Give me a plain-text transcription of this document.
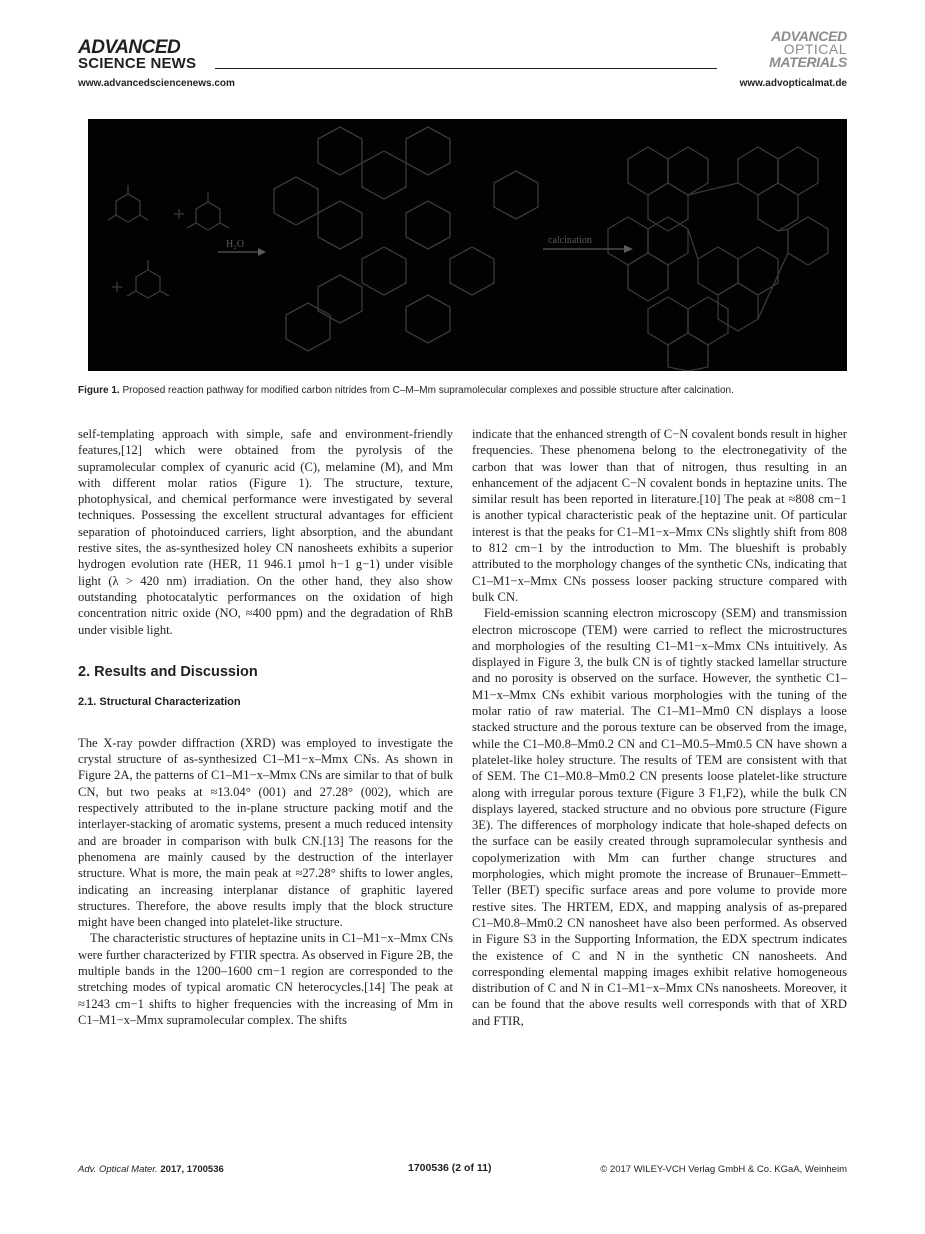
ADVANCED
SCIENCE NEWS
www.advancedsciencenews.com
ADVANCED
OPTICAL
MATERIALS
www.advopticalmat.de
H₂O	calcination
Figure 1. Proposed reaction pathway for modified carbon nitrides from C–M–Mm supramolecular complexes and possible structure after calcination.

self-templating approach with simple, safe and environment-friendly features,[12] which were obtained from the pyrolysis of the supramolecular complex of cyanuric acid (C), melamine (M), and Mm with different molar ratios (Figure 1). The structure, texture, photophysical, and chemical performance were investigated by several techniques. Possessing the excellent structural advantages for efficient separation of photoinduced carriers, light absorption, and the abundant restive sites, the as-synthesized holey CN nanosheets exhibits a superior hydrogen evolution rate (HER, 11 946.1 µmol h−1 g−1) under visible light (λ > 420 nm) irradiation. On the other hand, they also show outstanding photocatalytic performances on the oxidation of high concentration nitric oxide (NO, ≈400 ppm) and the degradation of RhB under visible light.

2. Results and Discussion
2.1. Structural Characterization

The X-ray powder diffraction (XRD) was employed to investigate the crystal structure of as-synthesized C1–M1−x–Mmx CNs. As shown in Figure 2A, the patterns of C1–M1−x–Mmx CNs are similar to that of bulk CN, but two peaks at ≈13.04° (001) and 27.28° (002), which are respectively attributed to the in-plane structure packing motif and the interlayer-stacking of aromatic systems, present a much reduced intensity and are broader in comparison with bulk CN.[13] The reasons for the phenomena are mainly caused by the destruction of the interlayer structure. What is more, the main peak at ≈27.28° shifts to lower angles, indicating an increasing interplanar distance of graphitic layered structures. Therefore, the above results imply that the block structure might have been changed into platelet-like structure.

The characteristic structures of heptazine units in C1–M1−x–Mmx CNs were further characterized by FTIR spectra. As observed in Figure 2B, the multiple bands in the 1200–1600 cm−1 region are corresponded to the stretching modes of typical aromatic CN heterocycles.[14] The peak at ≈1243 cm−1 shifts to higher frequencies with the increasing of Mm in C1–M1−x–Mmx supramolecular complex. The shifts

indicate that the enhanced strength of C−N covalent bonds result in higher frequencies. These phenomena belong to the electronegativity of the carbon that was lower than that of nitrogen, thus resulting in an enhancement of the adjacent C−N covalent bonds in heptazine units. The similar result has been reported in literature.[10] The peak at ≈808 cm−1 is another typical characteristic peak of the heptazine unit. Of particular interest is that the peaks for C1–M1−x–Mmx CNs slightly shift from 808 to 812 cm−1 by the introduction to Mm. The blueshift is probably attributed to the morphology changes of the synthetic CNs, indicating that C1–M1−x–Mmx CNs possess looser packing structure compared with bulk CN.

Field-emission scanning electron microscopy (SEM) and transmission electron microscope (TEM) were carried to reflect the microstructures and morphologies of the resulting C1–M1−x–Mmx CNs intuitively. As displayed in Figure 3, the bulk CN is of tightly stacked lamellar structure and no porosity is observed on the surface. However, the synthetic C1–M1−x–Mmx CNs exhibit various morphologies with the tuning of the molar ratio of raw material. The C1–M1–Mm0 CN displays a loose stacked structure and the porous texture can be observed from the image, while the C1–M0.8–Mm0.2 CN and C1–M0.5–Mm0.5 CN have shown a platelet-like holey structure. The results of TEM are consistent with that of SEM. The C1–M0.8–Mm0.2 CN presents loose platelet-like structure along with irregular porous texture (Figure 3 F1,F2), while the bulk CN displays layered, stacked structure and no obvious pore structure (Figure 3E). The differences of morphology indicate that hole-shaped defects on the surface can be easily created through supramolecular synthesis and copolymerization with Mm can further change structures and morphologies, which might promote the increase of Brunauer–Emmett–Teller (BET) specific surface areas and pore volume to provide more restive sites. The HRTEM, EDX, and mapping analysis of as-prepared C1–M0.8–Mm0.2 CN nanosheet have also been performed. As observed in Figure S3 in the Supporting Information, the EDX spectrum indicates the existence of C and N in the synthetic CN nanosheets. And corresponding elemental mapping images exhibit relative homogeneous distribution of C and N in C1–M1−x–Mmx CNs nanosheets. Moreover, it can be found that the above results well corresponds with that of XRD and FTIR,

Adv. Optical Mater. 2017, 1700536	1700536 (2 of 11)	© 2017 WILEY-VCH Verlag GmbH & Co. KGaA, Weinheim
